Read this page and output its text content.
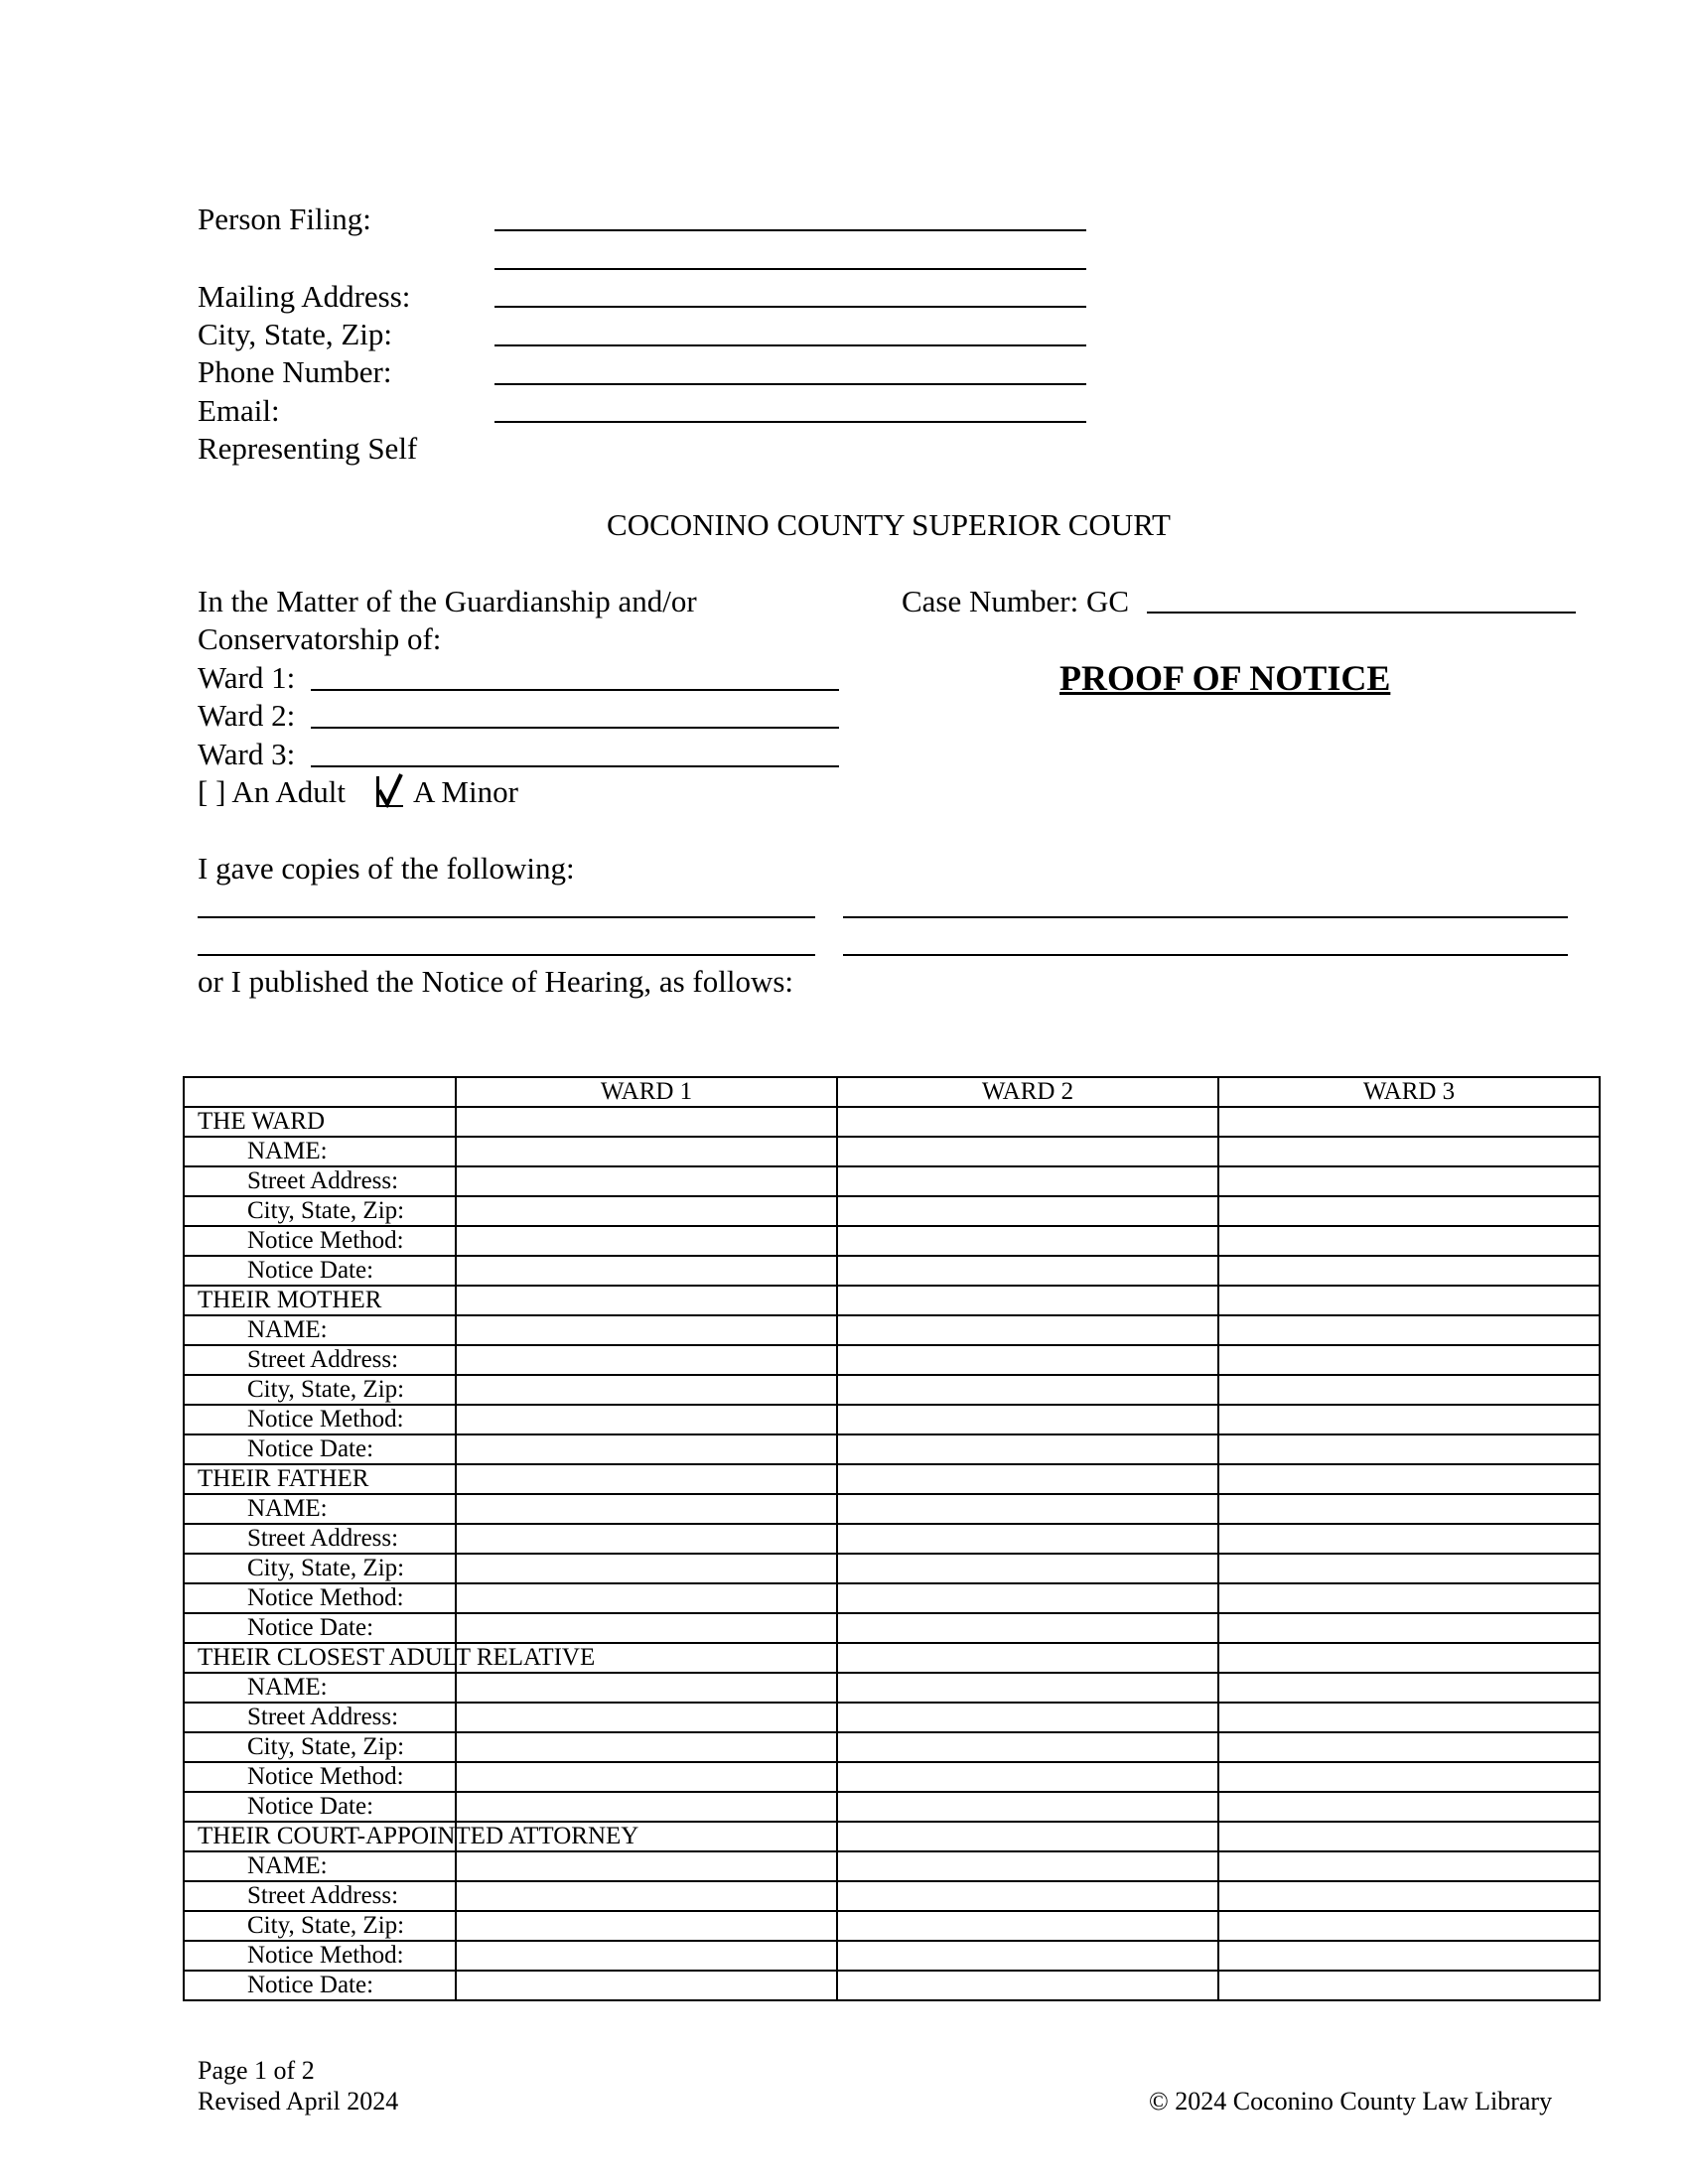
Person Filing:
Mailing Address:
City, State, Zip:
Phone Number:
Email:
Representing Self
COCONINO COUNTY SUPERIOR COURT
In the Matter of the Guardianship and/or
Conservatorship of:
Ward 1:
Ward 2:
Ward 3:
[ ] An Adult A Minor
Case Number: GC
PROOF OF NOTICE
I gave copies of the following:
or I published the Notice of Hearing, as follows:
	WARD 1	WARD 2	WARD 3
THE WARD			
NAME:			
Street Address:			
City, State, Zip:			
Notice Method:			
Notice Date:			
THEIR MOTHER			
NAME:			
Street Address:			
City, State, Zip:			
Notice Method:			
Notice Date:			
THEIR FATHER			
NAME:			
Street Address:			
City, State, Zip:			
Notice Method:			
Notice Date:			
THEIR CLOSEST ADULT RELATIVE			
NAME:			
Street Address:			
City, State, Zip:			
Notice Method:			
Notice Date:			
THEIR COURT-APPOINTED ATTORNEY			
NAME:			
Street Address:			
City, State, Zip:			
Notice Method:			
Notice Date:			
Page 1 of 2
Revised April 2024	© 2024 Coconino County Law Library
